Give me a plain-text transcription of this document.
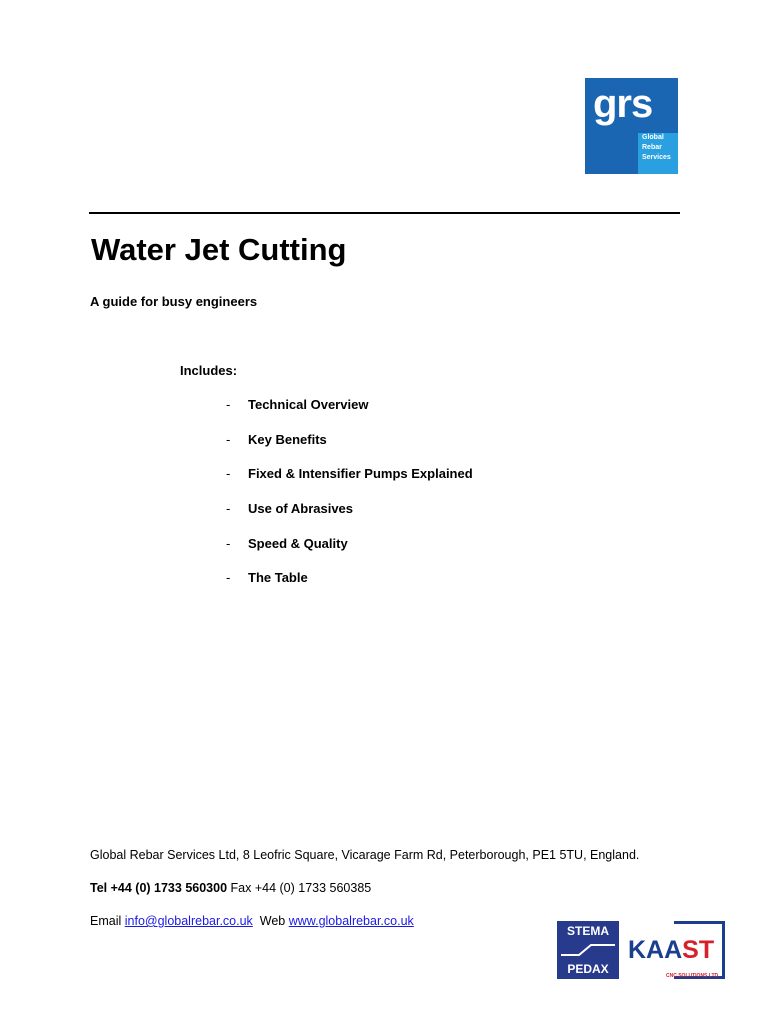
grs
Global
Rebar
Services
Water Jet Cutting
A guide for busy engineers
Includes:
- Technical Overview
- Key Benefits
- Fixed & Intensifier Pumps Explained
- Use of Abrasives
- Speed & Quality
- The Table
Global Rebar Services Ltd, 8 Leofric Square, Vicarage Farm Rd, Peterborough, PE1 5TU, England.
Tel +44 (0) 1733 560300 Fax +44 (0) 1733 560385
Email info@globalrebar.co.uk Web www.globalrebar.co.uk
STEMA
PEDAX
KAAST
CNC SOLUTIONS LTD.
